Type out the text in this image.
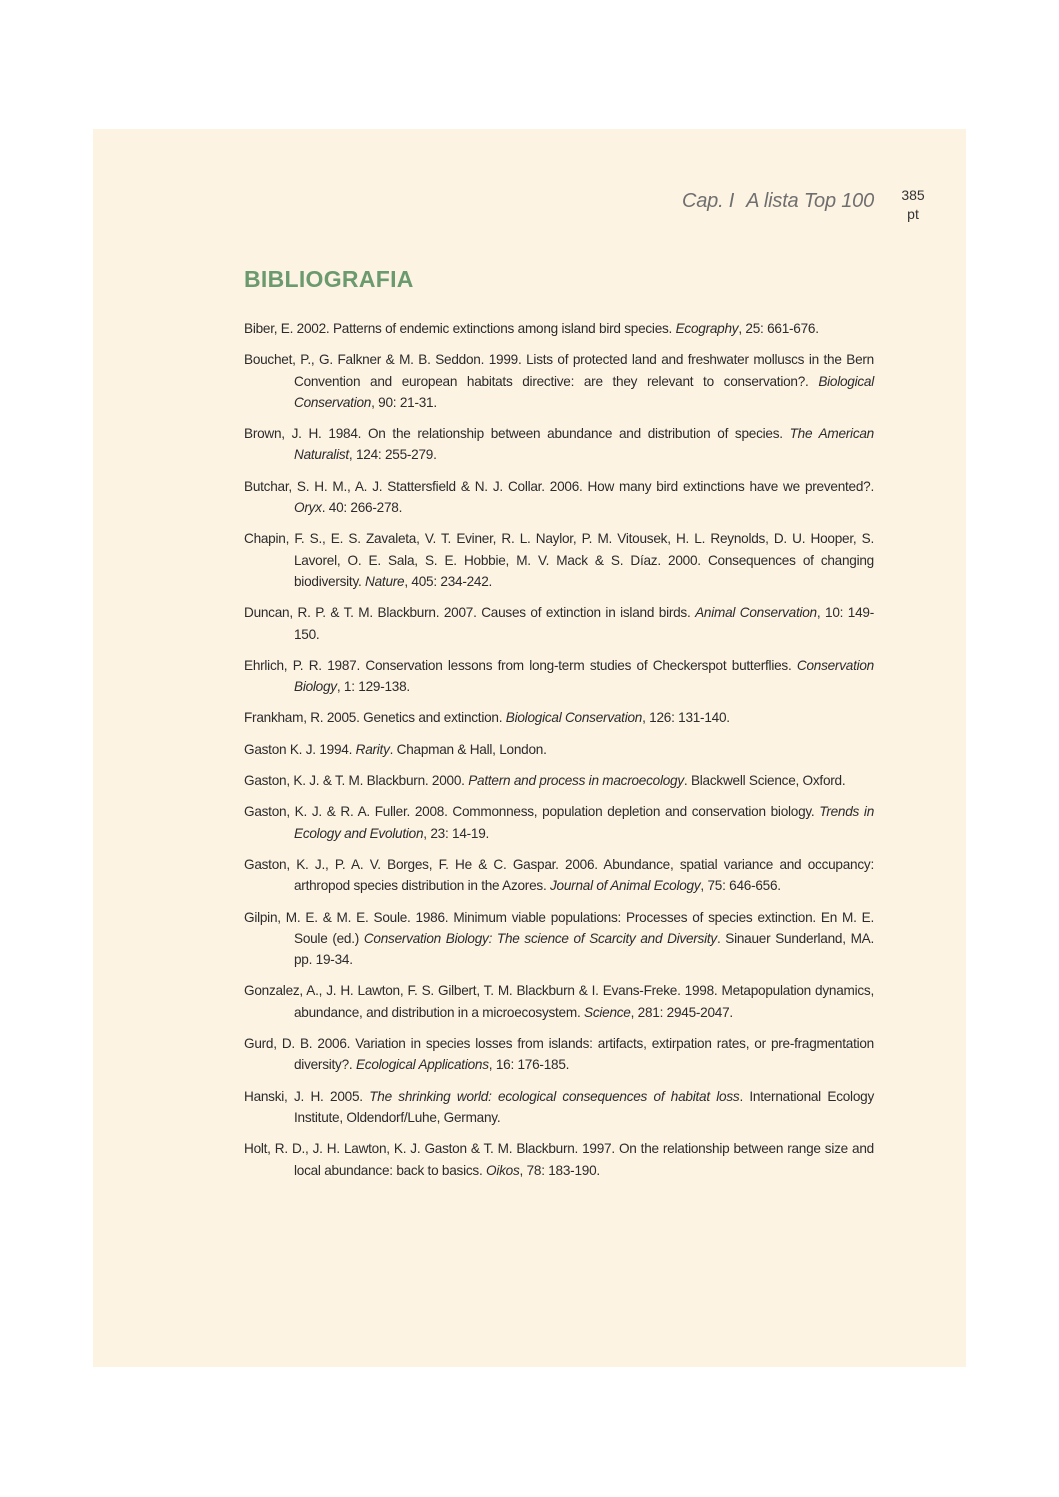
Cap. I A lista Top 100	385
pt
BIBLIOGRAFIA
Biber, E. 2002. Patterns of endemic extinctions among island bird species. Ecography, 25: 661-676.
Bouchet, P., G. Falkner & M. B. Seddon. 1999. Lists of protected land and freshwater molluscs in the Bern Convention and european habitats directive: are they relevant to conservation?. Biological Conservation, 90: 21-31.
Brown, J. H. 1984. On the relationship between abundance and distribution of species. The American Naturalist, 124: 255-279.
Butchar, S. H. M., A. J. Stattersfield & N. J. Collar. 2006. How many bird extinctions have we prevented?. Oryx. 40: 266-278.
Chapin, F. S., E. S. Zavaleta, V. T. Eviner, R. L. Naylor, P. M. Vitousek, H. L. Reynolds, D. U. Hooper, S. Lavorel, O. E. Sala, S. E. Hobbie, M. V. Mack & S. Díaz. 2000. Consequences of changing biodiversity. Nature, 405: 234-242.
Duncan, R. P. & T. M. Blackburn. 2007. Causes of extinction in island birds. Animal Conservation, 10: 149-150.
Ehrlich, P. R. 1987. Conservation lessons from long-term studies of Checkerspot butterflies. Conservation Biology, 1: 129-138.
Frankham, R. 2005. Genetics and extinction. Biological Conservation, 126: 131-140.
Gaston K. J. 1994. Rarity. Chapman & Hall, London.
Gaston, K. J. & T. M. Blackburn. 2000. Pattern and process in macroecology. Blackwell Science, Oxford.
Gaston, K. J. & R. A. Fuller. 2008. Commonness, population depletion and conservation biology. Trends in Ecology and Evolution, 23: 14-19.
Gaston, K. J., P. A. V. Borges, F. He & C. Gaspar. 2006. Abundance, spatial variance and occupancy: arthropod species distribution in the Azores. Journal of Animal Ecology, 75: 646-656.
Gilpin, M. E. & M. E. Soule. 1986. Minimum viable populations: Processes of species extinction. En M. E. Soule (ed.) Conservation Biology: The science of Scarcity and Diversity. Sinauer Sunderland, MA. pp. 19-34.
Gonzalez, A., J. H. Lawton, F. S. Gilbert, T. M. Blackburn & I. Evans-Freke. 1998. Metapopulation dynamics, abundance, and distribution in a microecosystem. Science, 281: 2945-2047.
Gurd, D. B. 2006. Variation in species losses from islands: artifacts, extirpation rates, or pre-fragmentation diversity?. Ecological Applications, 16: 176-185.
Hanski, J. H. 2005. The shrinking world: ecological consequences of habitat loss. International Ecology Institute, Oldendorf/Luhe, Germany.
Holt, R. D., J. H. Lawton, K. J. Gaston & T. M. Blackburn. 1997. On the relationship between range size and local abundance: back to basics. Oikos, 78: 183-190.
